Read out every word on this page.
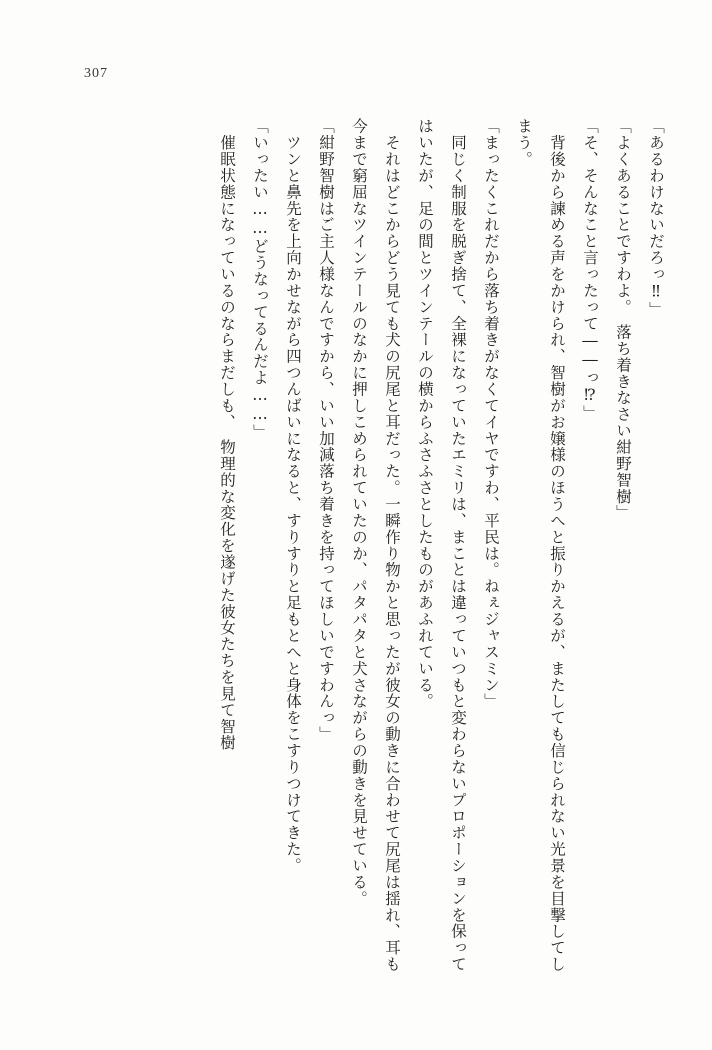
307

「あるわけないだろっ‼」

「よくあることですわよ。　落ち着きなさい紺野智樹」

「そ、そんなこと言ったって――っ⁉」

　背後から諫める声をかけられ、智樹がお嬢様のほうへと振りかえるが、またしても信じられない光景を目撃してしまう。

「まったくこれだから落ち着きがなくてイヤですわ、平民は。ねぇジャスミン」

　同じく制服を脱ぎ捨て、全裸になっていたエミリは、まことは違っていつもと変わらないプロポーションを保ってはいたが、足の間とツインテールの横からふさふさとしたものがあふれている。

　それはどこからどう見ても犬の尻尾と耳だった。一瞬作り物かと思ったが彼女の動きに合わせて尻尾は揺れ、耳も今まで窮屈なツインテールのなかに押しこめられていたのか、パタパタと犬さながらの動きを見せている。

「紺野智樹はご主人様なんですから、いい加減落ち着きを持ってほしいですわんっ」

　ツンと鼻先を上向かせながら四つんばいになると、すりすりと足もとへと身体をこすりつけてきた。

「いったい……どうなってるんだよ……」

　催眠状態になっているのならまだしも、　物理的な変化を遂げた彼女たちを見て智樹
